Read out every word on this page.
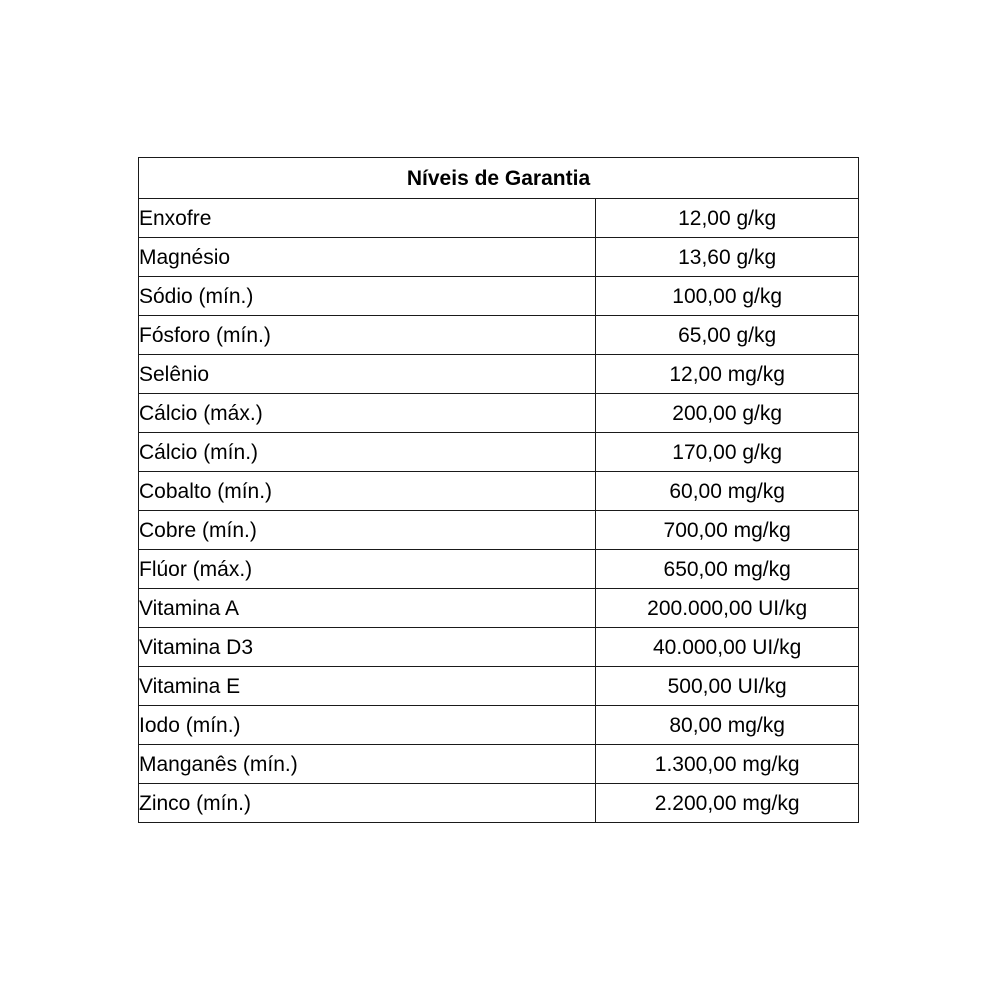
Níveis de Garantia	
Enxofre	12,00 g/kg
Magnésio	13,60 g/kg
Sódio (mín.)	100,00 g/kg
Fósforo (mín.)	65,00 g/kg
Selênio	12,00 mg/kg
Cálcio (máx.)	200,00 g/kg
Cálcio (mín.)	170,00 g/kg
Cobalto (mín.)	60,00 mg/kg
Cobre (mín.)	700,00 mg/kg
Flúor (máx.)	650,00 mg/kg
Vitamina A	200.000,00 UI/kg
Vitamina D3	40.000,00 UI/kg
Vitamina E	500,00 UI/kg
Iodo (mín.)	80,00 mg/kg
Manganês (mín.)	1.300,00 mg/kg
Zinco (mín.)	2.200,00 mg/kg
